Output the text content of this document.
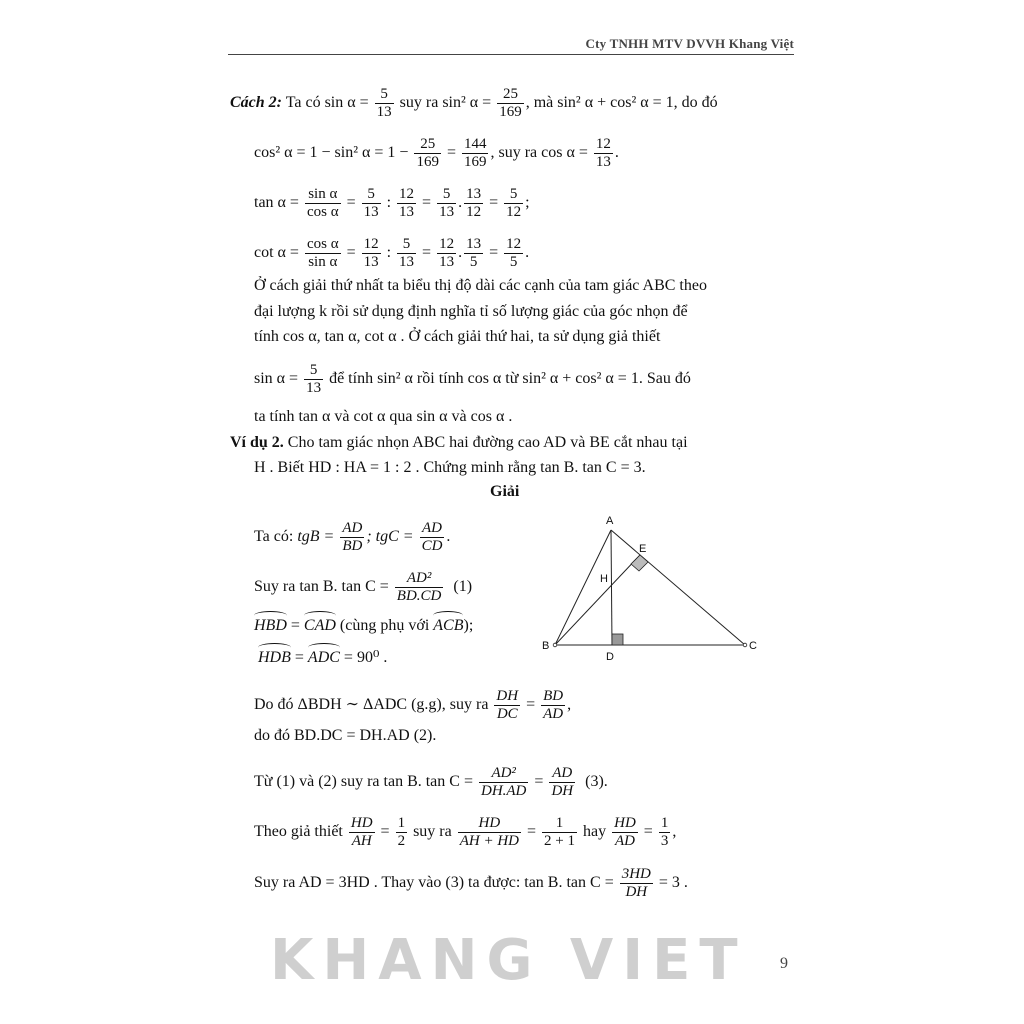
Cty TNHH MTV DVVH Khang Việt
Cách 2: Ta có $\sin \alpha = \frac{5}{13}$ suy ra sin² $\alpha = \frac{25}{169}$ , mà sin² α + cos² α = 1, do đó
cos² α = 1 − sin² $\alpha = 1 - \frac{25}{169} = \frac{144}{169}$ , suy ra $\cos \alpha = \frac{12}{13}$ .
$\tan \alpha = \frac{\text{sin α}}{\text{cos α}} = \frac{5}{13}$ : $\frac{12}{13} = \frac{5}{13}$ . $\frac{13}{12} = \frac{5}{12}$ ;
$\cot \alpha = \frac{\text{cos α}}{\text{sin α}} = \frac{12}{13}$ : $\frac{5}{13} = \frac{12}{13}$ . $\frac{13}{5} = \frac{12}{5}$ .
Ở cách giải thứ nhất ta biểu thị độ dài các cạnh của tam giác ABC theo
đại lượng k rồi sử dụng định nghĩa tỉ số lượng giác của góc nhọn để
tính cos α, tan α, cot α . Ở cách giải thứ hai, ta sử dụng giả thiết
$\sin \alpha = \frac{5}{13}$ để tính sin² α rồi tính cos α từ sin² α + cos² α = 1. Sau đó
ta tính tan α và cot α qua sin α và cos α .
Ví dụ 2. Cho tam giác nhọn ABC hai đường cao AD và BE cắt nhau tại
H . Biết HD : HA = 1 : 2 . Chứng minh rằng tan B. tan C = 3.
Giải
Ta có: tgB = $\frac{AD}{BD}$ ; tgC = $\frac{AD}{CD}$ .
Suy ra tan B. $\tan C = \frac{\text{AD²}}{BD.CD} (1)$
HBD = CAD (cùng phụ với ACB);
HDB = ADC = 90⁰ .
Do đó ΔBDH ∼ ΔADC (g.g), suy ra $\frac{DH}{DC} = \frac{BD}{AD}$ ,
do đó BD.DC = DH.AD (2).
Từ (1) và (2) suy ra tan B. $\tan C = \frac{\text{AD²}}{DH.AD} = \frac{AD}{DH} (3)$.
Theo giả thiết $\frac{HD}{AH} = \frac{1}{2}$ suy ra $\frac{HD}{AH + HD} = \frac{1}{2 + 1}$ hay $\frac{HD}{AD} = \frac{1}{3}$ ,
Suy ra AD = 3HD . Thay vào (3) ta được: tan B. $\tan C = \frac{3HD}{DH} = 3$ .
A
B	C
D
E
H
KHANG VIET 9
